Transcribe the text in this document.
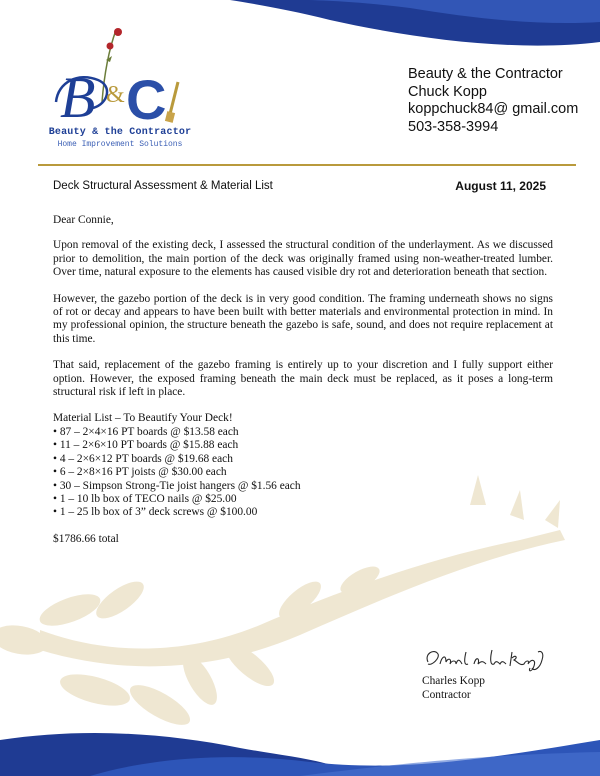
B & C
Beauty & the Contractor
Home Improvement Solutions
Beauty & the Contractor
Chuck Kopp
koppchuck84@ gmail.com
503-358-3994
Deck Structural Assessment & Material List	August 11, 2025

Dear Connie,

Upon removal of the existing deck, I assessed the structural condition of the underlayment. As we discussed prior to demolition, the main portion of the deck was originally framed using non-weather-treated lumber. Over time, natural exposure to the elements has caused visible dry rot and deterioration beneath that section.

However, the gazebo portion of the deck is in very good condition. The framing underneath shows no signs of rot or decay and appears to have been built with better materials and environmental protection in mind. In my professional opinion, the structure beneath the gazebo is safe, sound, and does not require replacement at this time.

That said, replacement of the gazebo framing is entirely up to your discretion and I fully support either option. However, the exposed framing beneath the main deck must be replaced, as it poses a long-term structural risk if left in place.

Material List – To Beautify Your Deck!
• 87 – 2×4×16 PT boards @ $13.58 each
• 11 – 2×6×10 PT boards @ $15.88 each
• 4 – 2×6×12 PT boards @ $19.68 each
• 6 – 2×8×16 PT joists @ $30.00 each
• 30 – Simpson Strong-Tie joist hangers @ $1.56 each
• 1 – 10 lb box of TECO nails @ $25.00
• 1 – 25 lb box of 3” deck screws @ $100.00
$1786.66 total
Charles Kopp
Contractor
